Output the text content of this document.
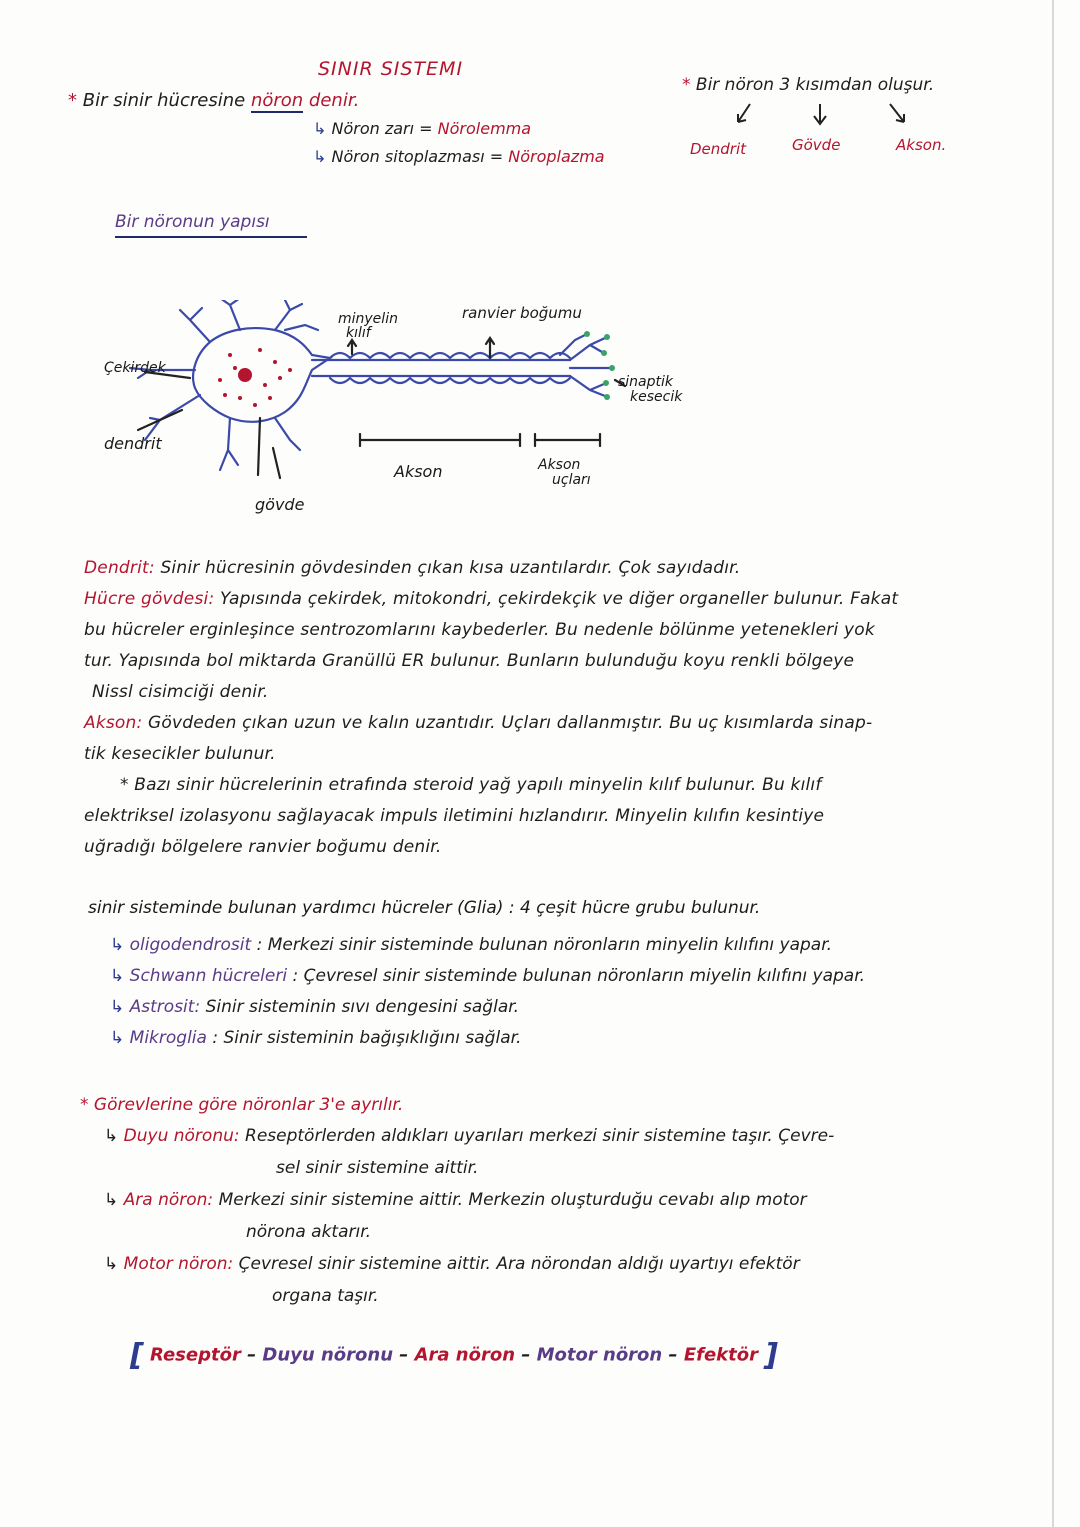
SINIR SISTEMI
* Bir sinir hücresine nöron denir.
↳ Nöron zarı = Nörolemma
↳ Nöron sitoplazması = Nöroplazma
* Bir nöron 3 kısımdan oluşur.
Dendrit	Gövde	Akson.
Bir nöronun yapısı
Çekirdek
dendrit
gövde
minyelin
kılıf
ranvier boğumu
sinaptik
kesecik
Akson	Akson
uçları
Dendrit: Sinir hücresinin gövdesinden çıkan kısa uzantılardır. Çok sayıdadır.
Hücre gövdesi: Yapısında çekirdek, mitokondri, çekirdekçik ve diğer organeller bulunur. Fakat
bu hücreler erginleşince sentrozomlarını kaybederler. Bu nedenle bölünme yetenekleri yok
tur. Yapısında bol miktarda Granüllü ER bulunur. Bunların bulunduğu koyu renkli bölgeye
Nissl cisimciği denir.
Akson: Gövdeden çıkan uzun ve kalın uzantıdır. Uçları dallanmıştır. Bu uç kısımlarda sinap-
tik kesecikler bulunur.
* Bazı sinir hücrelerinin etrafında steroid yağ yapılı minyelin kılıf bulunur. Bu kılıf
elektriksel izolasyonu sağlayacak impuls iletimini hızlandırır. Minyelin kılıfın kesintiye
uğradığı bölgelere ranvier boğumu denir.
sinir sisteminde bulunan yardımcı hücreler (Glia) : 4 çeşit hücre grubu bulunur.
↳ oligodendrosit : Merkezi sinir sisteminde bulunan nöronların minyelin kılıfını yapar.
↳ Schwann hücreleri : Çevresel sinir sisteminde bulunan nöronların miyelin kılıfını yapar.
↳ Astrosit: Sinir sisteminin sıvı dengesini sağlar.
↳ Mikroglia : Sinir sisteminin bağışıklığını sağlar.
* Görevlerine göre nöronlar 3'e ayrılır.
↳ Duyu nöronu: Reseptörlerden aldıkları uyarıları merkezi sinir sistemine taşır. Çevre-
sel sinir sistemine aittir.
↳ Ara nöron: Merkezi sinir sistemine aittir. Merkezin oluşturduğu cevabı alıp motor
nörona aktarır.
↳ Motor nöron: Çevresel sinir sistemine aittir. Ara nörondan aldığı uyartıyı efektör
organa taşır.
[ Reseptör – Duyu nöronu – Ara nöron – Motor nöron – Efektör ]
